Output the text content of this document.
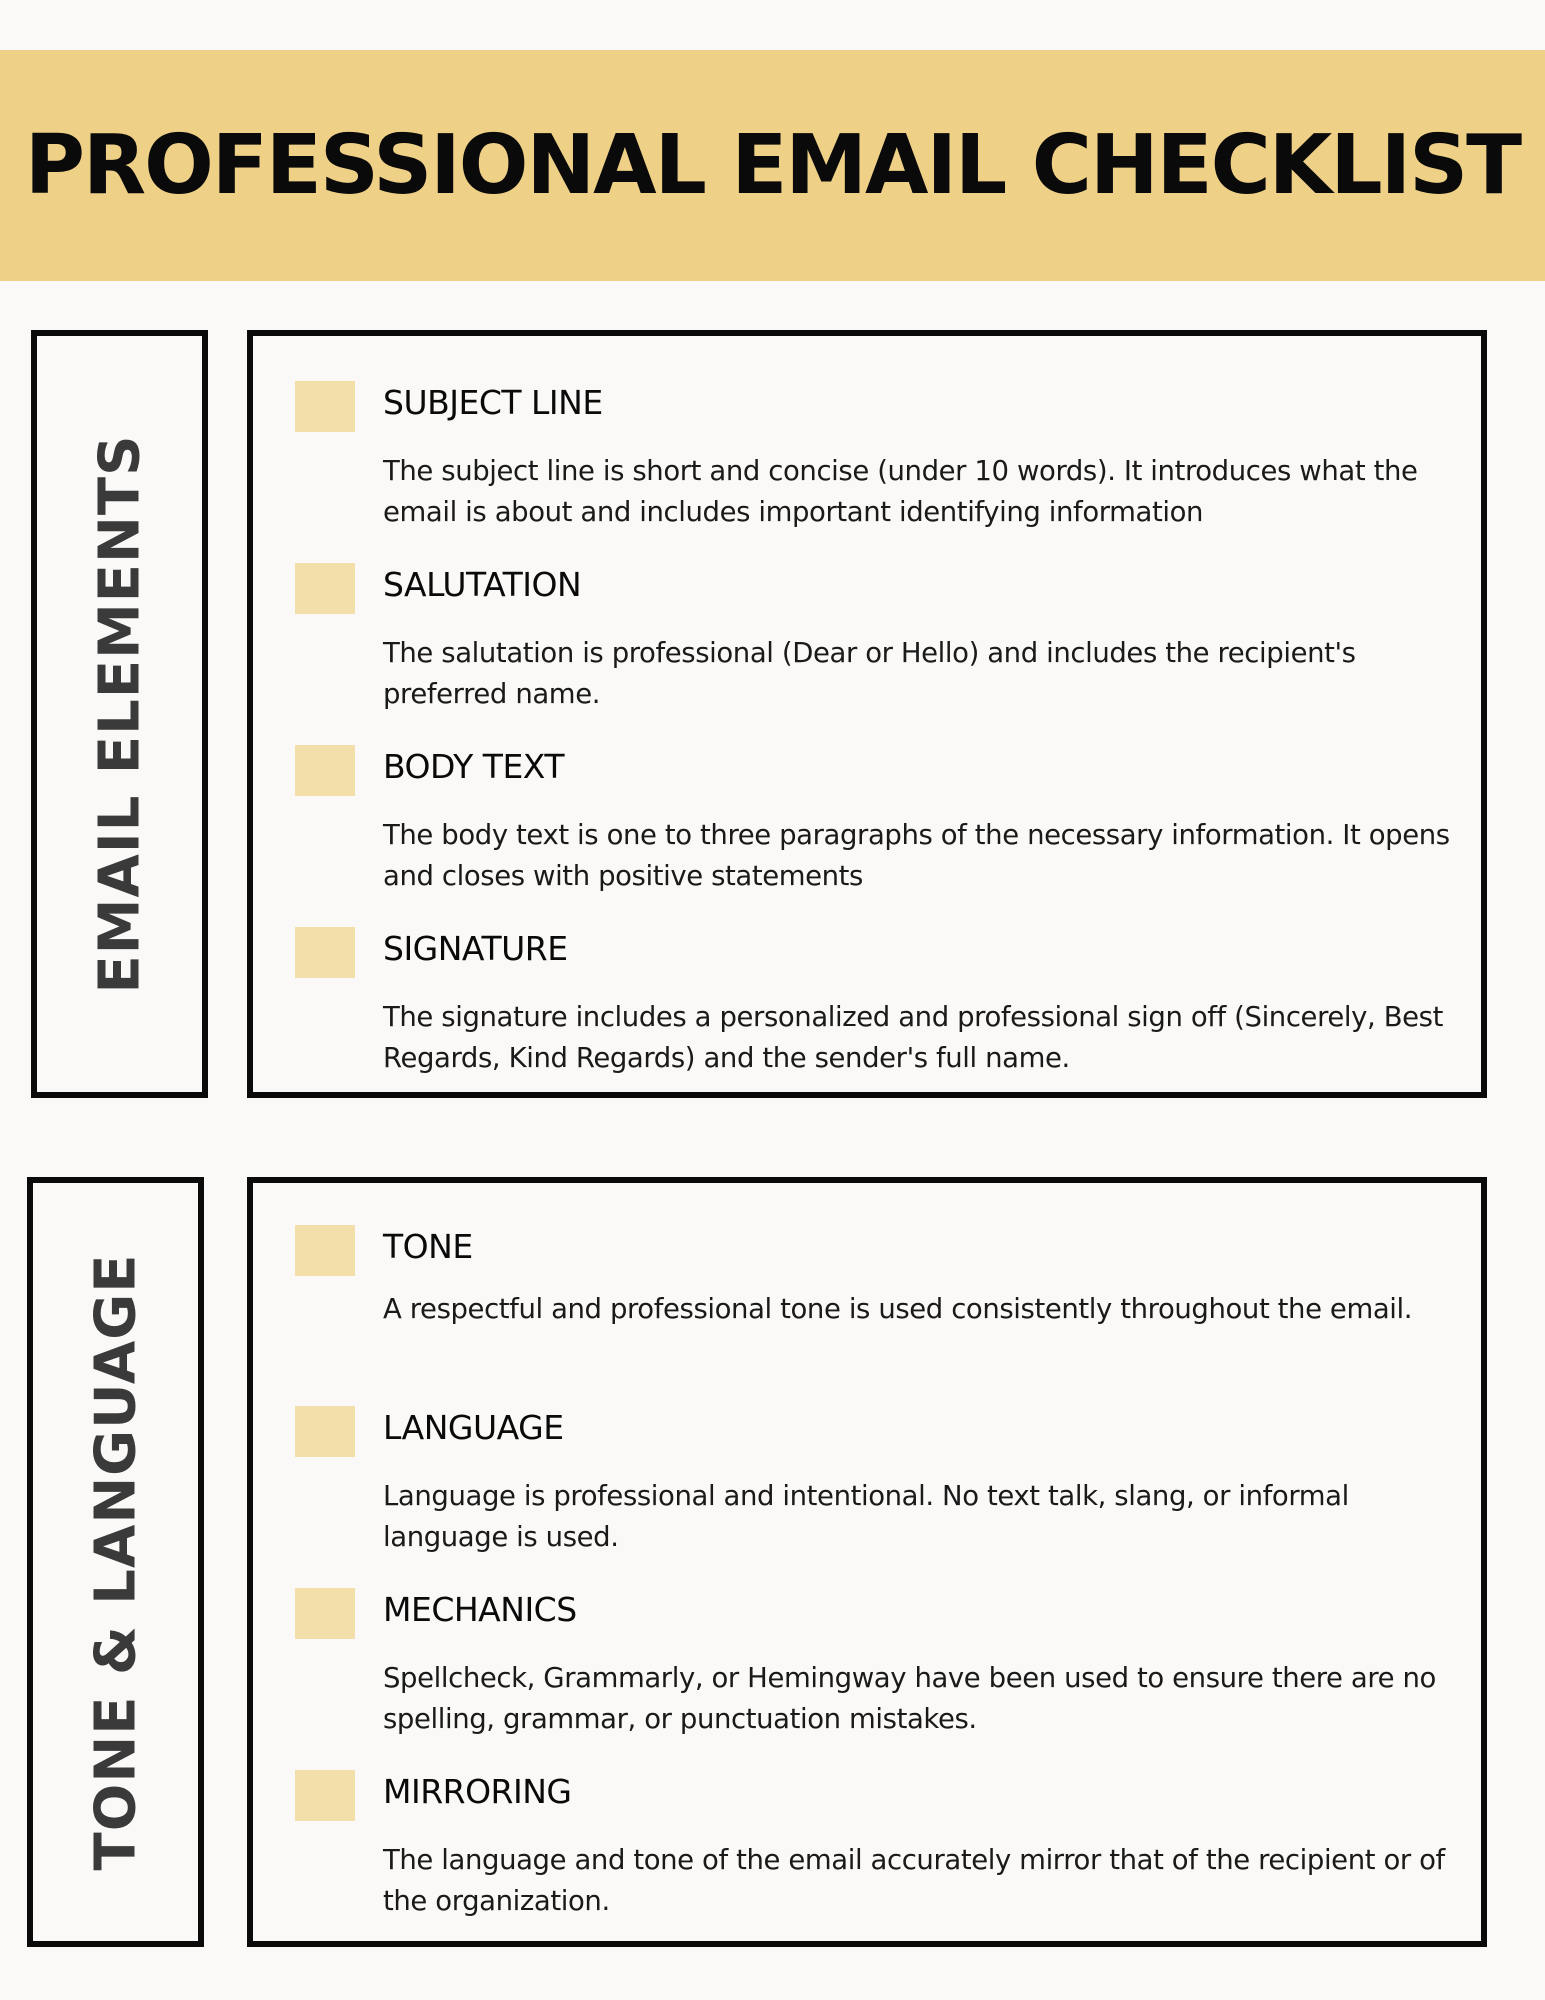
PROFESSIONAL EMAIL CHECKLIST
EMAIL ELEMENTS
SUBJECT LINE
The subject line is short and concise (under 10 words). It introduces what the email is about and includes important identifying information
SALUTATION
The salutation is professional (Dear or Hello) and includes the recipient's preferred name.
BODY TEXT
The body text is one to three paragraphs of the necessary information. It opens and closes with positive statements
SIGNATURE
The signature includes a personalized and professional sign off (Sincerely, Best Regards, Kind Regards) and the sender's full name.
TONE & LANGUAGE
TONE
A respectful and professional tone is used consistently throughout the email.
LANGUAGE
Language is professional and intentional. No text talk, slang, or informal language is used.
MECHANICS
Spellcheck, Grammarly, or Hemingway have been used to ensure there are no spelling, grammar, or punctuation mistakes.
MIRRORING
The language and tone of the email accurately mirror that of the recipient or of the organization.
